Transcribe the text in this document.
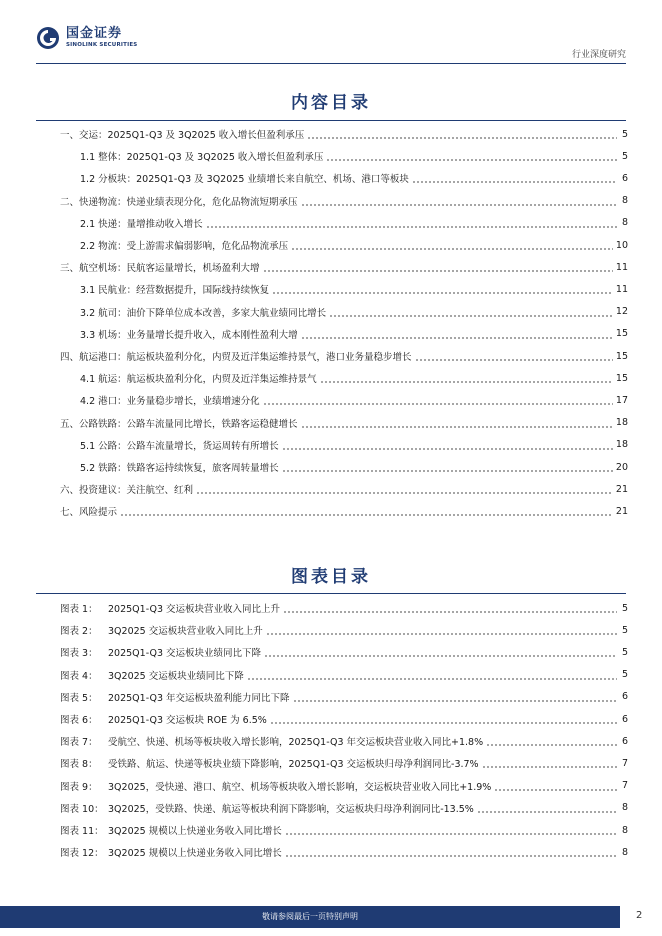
国金证券
SINOLINK SECURITIES
行业深度研究
内容目录
一、交运：2025Q1-Q3 及 3Q2025 收入增长但盈利承压	5
1.1 整体：2025Q1-Q3 及 3Q2025 收入增长但盈利承压	5
1.2 分板块：2025Q1-Q3 及 3Q2025 业绩增长来自航空、机场、港口等板块	6
二、快递物流：快递业绩表现分化，危化品物流短期承压	8
2.1 快递：量增推动收入增长	8
2.2 物流：受上游需求偏弱影响，危化品物流承压	10
三、航空机场：民航客运量增长，机场盈利大增	11
3.1 民航业：经营数据提升，国际线持续恢复	11
3.2 航司：油价下降单位成本改善，多家大航业绩同比增长	12
3.3 机场：业务量增长提升收入，成本刚性盈利大增	15
四、航运港口：航运板块盈利分化，内贸及近洋集运维持景气，港口业务量稳步增长	15
4.1 航运：航运板块盈利分化，内贸及近洋集运维持景气	15
4.2 港口：业务量稳步增长，业绩增速分化	17
五、公路铁路：公路车流量同比增长，铁路客运稳健增长	18
5.1 公路：公路车流量增长，货运周转有所增长	18
5.2 铁路：铁路客运持续恢复，旅客周转量增长	20
六、投资建议：关注航空、红利	21
七、风险提示	21
图表目录
图表 1：	2025Q1-Q3 交运板块营业收入同比上升	5
图表 2：	3Q2025 交运板块营业收入同比上升	5
图表 3：	2025Q1-Q3 交运板块业绩同比下降	5
图表 4：	3Q2025 交运板块业绩同比下降	5
图表 5：	2025Q1-Q3 年交运板块盈利能力同比下降	6
图表 6：	2025Q1-Q3 交运板块 ROE 为 6.5%	6
图表 7：	受航空、快递、机场等板块收入增长影响，2025Q1-Q3 年交运板块营业收入同比+1.8%	6
图表 8：	受铁路、航运、快递等板块业绩下降影响，2025Q1-Q3 交运板块归母净利润同比-3.7%	7
图表 9：	3Q2025，受快递、港口、航空、机场等板块收入增长影响，交运板块营业收入同比+1.9%	7
图表 10： 3Q2025，受铁路、快递、航运等板块利润下降影响，交运板块归母净利润同比-13.5%	8
图表 11： 3Q2025 规模以上快递业务收入同比增长	8
图表 12： 3Q2025 规模以上快递业务收入同比增长	8
敬请参阅最后一页特别声明	2
